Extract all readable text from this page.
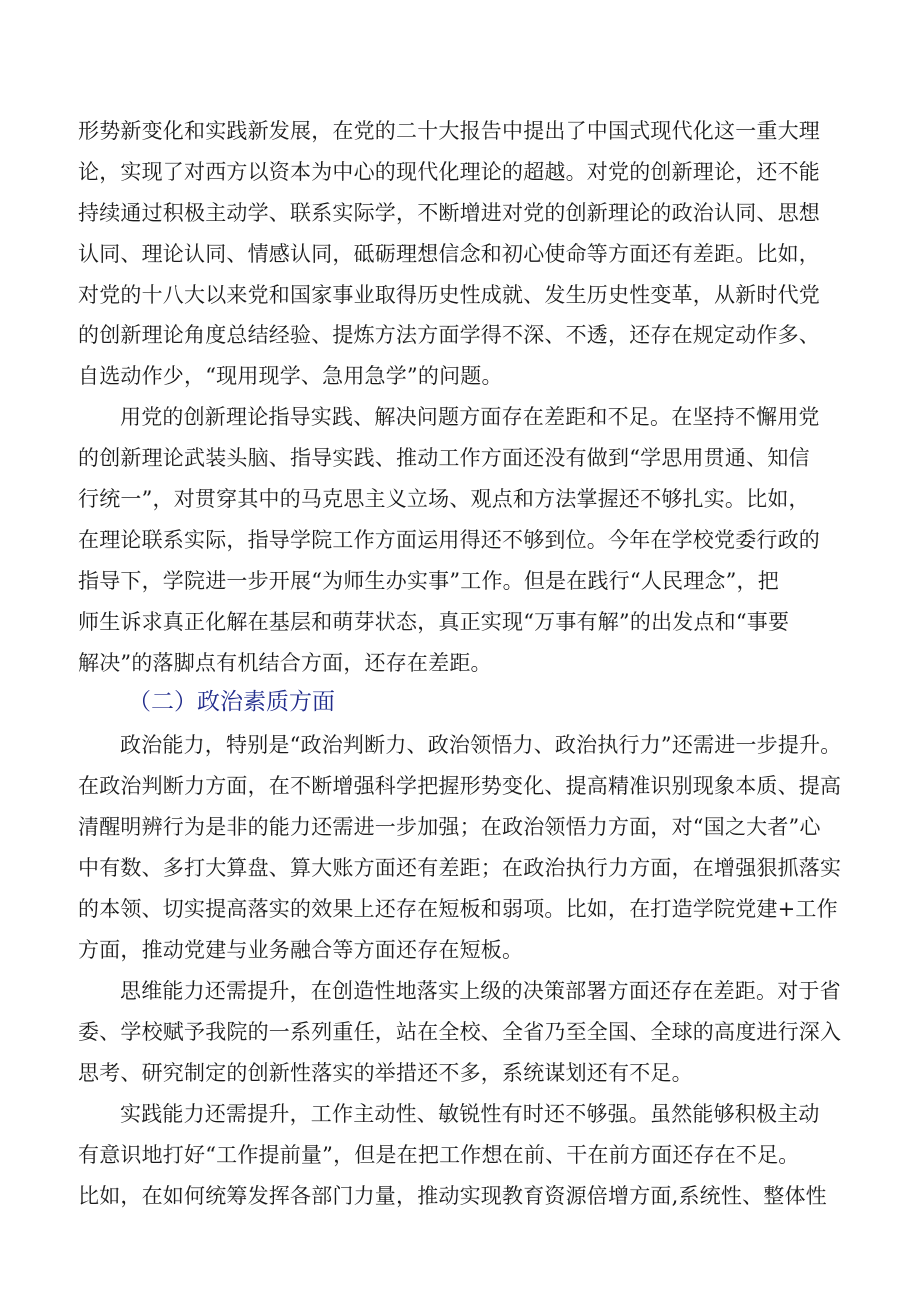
形势新变化和实践新发展，在党的二十大报告中提出了中国式现代化这一重大理
论，实现了对西方以资本为中心的现代化理论的超越。对党的创新理论，还不能
持续通过积极主动学、联系实际学，不断增进对党的创新理论的政治认同、思想
认同、理论认同、情感认同，砥砺理想信念和初心使命等方面还有差距。比如，
对党的十八大以来党和国家事业取得历史性成就、发生历史性变革，从新时代党
的创新理论角度总结经验、提炼方法方面学得不深、不透，还存在规定动作多、
自选动作少，“现用现学、急用急学”的问题。
用党的创新理论指导实践、解决问题方面存在差距和不足。在坚持不懈用党
的创新理论武装头脑、指导实践、推动工作方面还没有做到“学思用贯通、知信
行统一”，对贯穿其中的马克思主义立场、观点和方法掌握还不够扎实。比如，
在理论联系实际，指导学院工作方面运用得还不够到位。今年在学校党委行政的
指导下，学院进一步开展“为师生办实事”工作。但是在践行“人民理念”，把
师生诉求真正化解在基层和萌芽状态，真正实现“万事有解”的出发点和“事要
解决”的落脚点有机结合方面，还存在差距。
（二）政治素质方面
政治能力，特别是“政治判断力、政治领悟力、政治执行力”还需进一步提升。
在政治判断力方面，在不断增强科学把握形势变化、提高精准识别现象本质、提高
清醒明辨行为是非的能力还需进一步加强；在政治领悟力方面，对“国之大者”心
中有数、多打大算盘、算大账方面还有差距；在政治执行力方面，在增强狠抓落实
的本领、切实提高落实的效果上还存在短板和弱项。比如，在打造学院党建+工作
方面，推动党建与业务融合等方面还存在短板。
思维能力还需提升，在创造性地落实上级的决策部署方面还存在差距。对于省
委、学校赋予我院的一系列重任，站在全校、全省乃至全国、全球的高度进行深入
思考、研究制定的创新性落实的举措还不多，系统谋划还有不足。
实践能力还需提升，工作主动性、敏锐性有时还不够强。虽然能够积极主动
有意识地打好“工作提前量”，但是在把工作想在前、干在前方面还存在不足。
比如，在如何统筹发挥各部门力量，推动实现教育资源倍增方面,系统性、整体性
